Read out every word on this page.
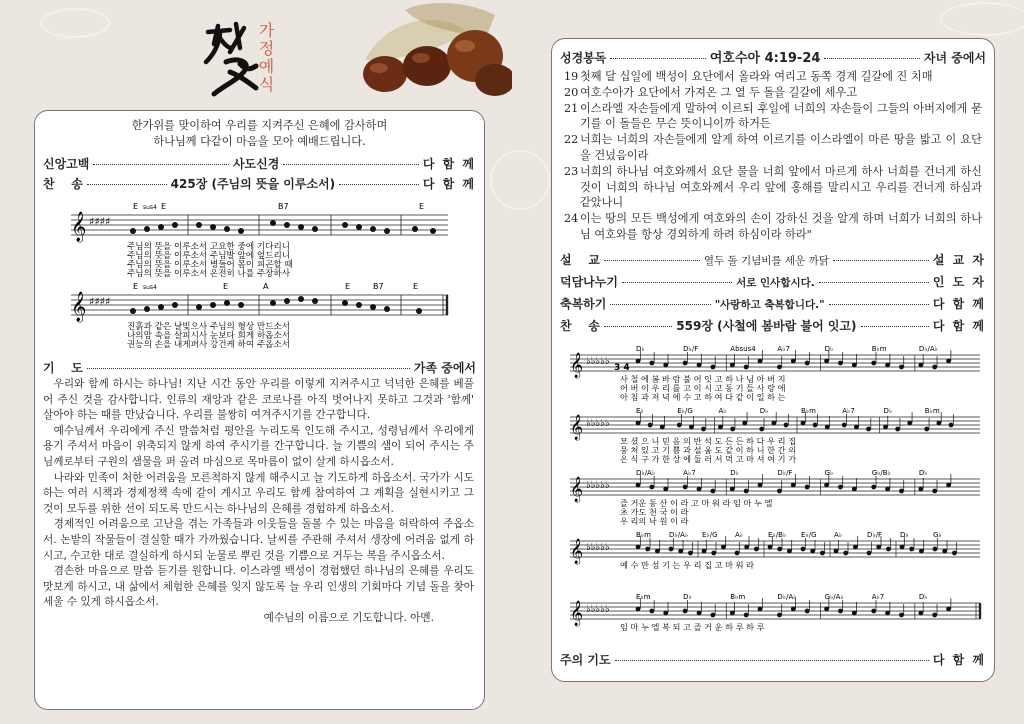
秋夕
가정예식
한가위를 맞이하여 우리를 지켜주신 은혜에 감사하며
하나님께 다같이 마음을 모아 예배드립니다.
신앙고백	사도신경	다 함 께
찬    송	425장 (주님의 뜻을 이루소서)	다 함 께
𝄞 ♯♯♯♯
E sus4 E	B7	E
주님의 뜻을 이루소서 고요한 중에 기다리니
주님의 뜻을 이루소서 주님발 앞에 엎드리니
주님의 뜻을 이루소서 병들어 몸이 피곤할 때
주님의 뜻을 이루소서 온전히 나를 주장하사
𝄞 ♯♯♯♯
E sus4	E	A	E	B7	E
진흙과 같은 날빚으사 주님의 형상 만드소서
나의맘 속을 살피시사 눈보다 희게 하옵소서
권능의 손을 내게펴사 강건케 하여 주옵소서
기    도	가족 중에서

우리와 함께 하시는 하나님! 지난 시간 동안 우리를 이렇게 지켜주시고 넉넉한 은혜를 베풀어 주신 것을 감사합니다. 인류의 재앙과 같은 코로나를 아직 벗어나지 못하고 그것과 '함께' 살아야 하는 때를 만났습니다. 우리를 불쌍히 여겨주시기를 간구합니다.

예수님께서 우리에게 주신 말씀처럼 평안을 누리도록 인도해 주시고, 성령님께서 우리에게 용기 주셔서 마음이 위축되지 않게 하여 주시기를 간구합니다. 늘 기쁨의 샘이 되어 주시는 주님께로부터 구원의 샘물을 퍼 올려 마심으로 목마름이 없이 살게 하시옵소서.

나라와 민족이 처한 어려움을 모른척하지 않게 해주시고 늘 기도하게 하옵소서. 국가가 시도하는 여러 시책과 경제정책 속에 같이 계시고 우리도 함께 참여하여 그 계획을 실현시키고 그것이 모두를 위한 선이 되도록 만드시는 하나님의 은혜를 경험하게 하옵소서.

경제적인 어려움으로 고난을 겪는 가족들과 이웃들을 돌볼 수 있는 마음을 허락하여 주옵소서. 논밭의 작물들이 결실할 때가 가까웠습니다. 날씨를 주관해 주셔서 생장에 어려움 없게 하시고, 수고한 대로 결실하게 하시되 눈물로 뿌린 것을 기쁨으로 거두는 복을 주시옵소서.

겸손한 마음으로 말씀 듣기를 원합니다. 이스라엘 백성이 경험했던 하나님의 은혜를 우리도 맛보게 하시고, 내 삶에서 체험한 은혜를 잊지 않도록 늘 우리 인생의 기회마다 기념 돌을 찾아 세울 수 있게 하시옵소서.

예수님의 이름으로 기도합니다. 아멘.

성경봉독	여호수아 4:19-24	자녀 중에서
19 첫째 달 십일에 백성이 요단에서 올라와 여리고 동쪽 경계 길갈에 진 치매
20 여호수아가 요단에서 가져온 그 열 두 돌을 길갈에 세우고
21 이스라엘 자손들에게 말하여 이르되 후일에 너희의 자손들이 그들의 아버지에게 묻기를 이 돌들은 무슨 뜻이니이까 하거든
22 너희는 너희의 자손들에게 알게 하여 이르기를 이스라엘이 마른 땅을 밟고 이 요단을 건넜음이라
23 너희의 하나님 여호와께서 요단 물을 너희 앞에서 마르게 하사 너희를 건너게 하신 것이 너희의 하나님 여호와께서 우리 앞에 홍해를 말리시고 우리를 건너게 하심과 같았나니
24 이는 땅의 모든 백성에게 여호와의 손이 강하신 것을 알게 하며 너희가 너희의 하나님 여호와를 항상 경외하게 하려 하심이라 하라"
설    교	열두 돌 기념비를 세운 까닭	설 교 자
덕담나누기	서로 인사합시다.	인 도 자
축복하기	"사랑하고 축복합니다."	다 함 께
찬    송	559장 (사철에 봄바람 불어 잇고)	다 함 께
𝄞 ♭♭♭♭♭
3 4
D♭	D♭/F	Absus4	A♭7	D♭	B♭m	D♭/A♭
사 철 에 봄 바 람 불 어 잇 고 하 나 님 아 버 지
어 버 이 우 리 를 고 이 시 고 동 기 들 사 랑 에
아 침 과 저 녁 에 수 고 하 여 다 같 이 일 하 는
𝄞 ♭♭♭♭♭
E♭	E♭/G	A♭	D♭	B♭m	A♭7	D♭	B♭m
모 셨 으 니 믿 음 의 반 석 도 든 든 하 다 우 리 집
뭉 쳐 있 고 기 쁨 과 설 움 도 같 이 하 니 한 간 의
온 식 구 가 한 상 에 둘 러 서 먹 고 마 셔 여 기 가
𝄞 ♭♭♭♭♭
D♭/A♭	A♭7	D♭	D♭/F	G♭	G♭/B♭	D♭
즐 거운 동 산 이 라 고 마 워 라 임 마 누 엘
초 가도 천 국 이 라
우 리의 낙 원 이 라
𝄞 ♭♭♭♭♭
B♭m	D♭/A♭ E♭/G A♭	E♭/B♭ E♭/G A♭	D♭/F	D♭	G♭
예 수 만 섬 기 는 우 리 집 고 마 워 라
𝄞 ♭♭♭♭♭
E♭m	D♭	B♭m	D♭/A♭	G♭/A♭	A♭7	D♭
임 마 누 엘 복 되 고 즐 거 운 하 루 하 루
주의 기도	다 함 께
